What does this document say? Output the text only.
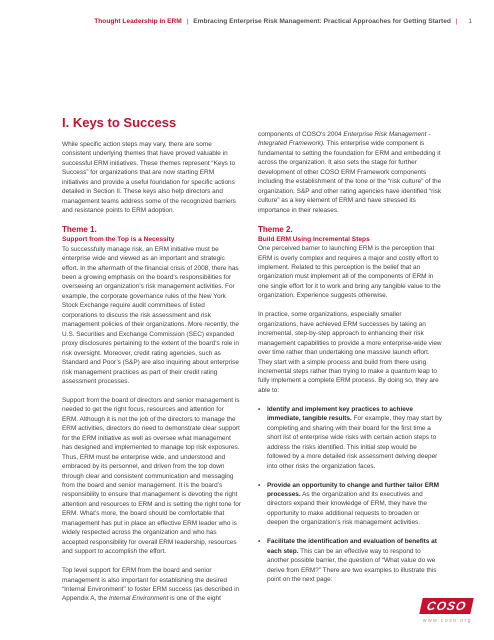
Thought Leadership in ERM | Embracing Enterprise Risk Management: Practical Approaches for Getting Started | 1
I. Keys to Success

While specific action steps may vary, there are some consistent underlying themes that have proved valuable in successful ERM initiatives. These themes represent “Keys to Success” for organizations that are now starting ERM initiatives and provide a useful foundation for specific actions detailed in Section II. These keys also help directors and management teams address some of the recognized barriers and resistance points to ERM adoption.

Theme 1.
Support from the Top is a Necessity

To successfully manage risk, an ERM initiative must be enterprise wide and viewed as an important and strategic effort. In the aftermath of the financial crisis of 2008, there has been a growing emphasis on the board’s responsibilities for overseeing an organization’s risk management activities. For example, the corporate governance rules of the New York Stock Exchange require audit committees of listed corporations to discuss the risk assessment and risk management policies of their organizations. More recently, the U.S. Securities and Exchange Commission (SEC) expanded proxy disclosures pertaining to the extent of the board’s role in risk oversight. Moreover, credit rating agencies, such as Standard and Poor’s (S&P) are also inquiring about enterprise risk management practices as part of their credit rating assessment processes.

Support from the board of directors and senior management is needed to get the right focus, resources and attention for ERM. Although it is not the job of the directors to manage the ERM activities, directors do need to demonstrate clear support for the ERM initiative as well as oversee what management has designed and implemented to manage top risk exposures. Thus, ERM must be enterprise wide, and understood and embraced by its personnel, and driven from the top down through clear and consistent communication and messaging from the board and senior management. It is the board’s responsibility to ensure that management is devoting the right attention and resources to ERM and is setting the right tone for ERM. What’s more, the board should be comfortable that management has put in place an effective ERM leader who is widely respected across the organization and who has accepted responsibility for overall ERM leadership, resources and support to accomplish the effort.

Top level support for ERM from the board and senior management is also important for establishing the desired “Internal Environment” to foster ERM success (as described in Appendix A, the Internal Environment is one of the eight

components of COSO’s 2004 Enterprise Risk Management - Integrated Framework). This enterprise wide component is fundamental to setting the foundation for ERM and embedding it across the organization. It also sets the stage for further development of other COSO ERM Framework components including the establishment of the tone or the “risk culture” of the organization. S&P and other rating agencies have identified “risk culture” as a key element of ERM and have stressed its importance in their releases.

Theme 2.
Build ERM Using Incremental Steps

One perceived barrier to launching ERM is the perception that ERM is overly complex and requires a major and costly effort to implement. Related to this perception is the belief that an organization must implement all of the components of ERM in one single effort for it to work and bring any tangible value to the organization. Experience suggests otherwise.

In practice, some organizations, especially smaller organizations, have achieved ERM successes by taking an incremental, step-by-step approach to enhancing their risk management capabilities to provide a more enterprise-wide view over time rather than undertaking one massive launch effort. They start with a simple process and build from there using incremental steps rather than trying to make a quantum leap to fully implement a complete ERM process. By doing so, they are able to:

• Identify and implement key practices to achieve immediate, tangible results. For example, they may start by completing and sharing with their board for the first time a short list of enterprise wide risks with certain action steps to address the risks identified. This initial step would be followed by a more detailed risk assessment delving deeper into other risks the organization faces.
• Provide an opportunity to change and further tailor ERM processes. As the organization and its executives and directors expand their knowledge of ERM, they have the opportunity to make additional requests to broaden or deepen the organization’s risk management activities.
• Facilitate the identification and evaluation of benefits at each step. This can be an effective way to respond to another possible barrier, the question of “What value do we derive from ERM?” There are two examples to illustrate this point on the next page:
COSO
www.coso.org
